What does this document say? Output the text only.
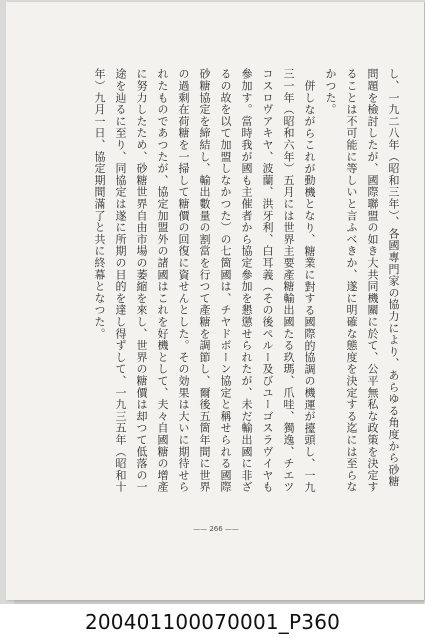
し、一九二八年（昭和三年）、各國專門家の協力により、あらゆる角度から砂糖
問題を檢討したが、國際聯盟の如き大共同機關に於て、公平無私な政策を決定す
ることは不可能に等しいと言ふべきか、遂に明確な態度を決定する迄には至らな
かつた。
併しながらこれが動機となり、糖業に對する國際的協調の機運が擡頭し、一九
三一年（昭和六年）五月には世界主要產糖輸出國たる玖瑪、爪哇、獨逸、チエツ
コスロヴアキヤ、波蘭、洪牙利、白耳義（その後ペルー及びユーゴスラヴイヤも
參加す。當時我が國も主催者から協定參加を懇懲せられたが、未だ輸出國に非ざ
るの故を以て加盟しなかつた）の七箇國は、チヤドボーン協定と稱せられる國際
砂糖協定を締結し、輸出數量の割當を行つて產糖を調節し、爾後五箇年間に世界
の過剩在荷糖を一掃して糖價の回復に資せんとした。その効果は大いに期待せら
れたものであつたが、協定加盟外の諸國はこれを好機として、夫々自國糖の增產
に努力したため、砂糖世界自由市場の萎縮を來し、世界の糖價は却つて低落の一
途を辿るに至り、同協定は遂に所期の目的を達し得ずして、一九三五年（昭和十
年）九月一日、協定期間滿了と共に終幕となつた。
—— 266 ——
200401100070001_P360
